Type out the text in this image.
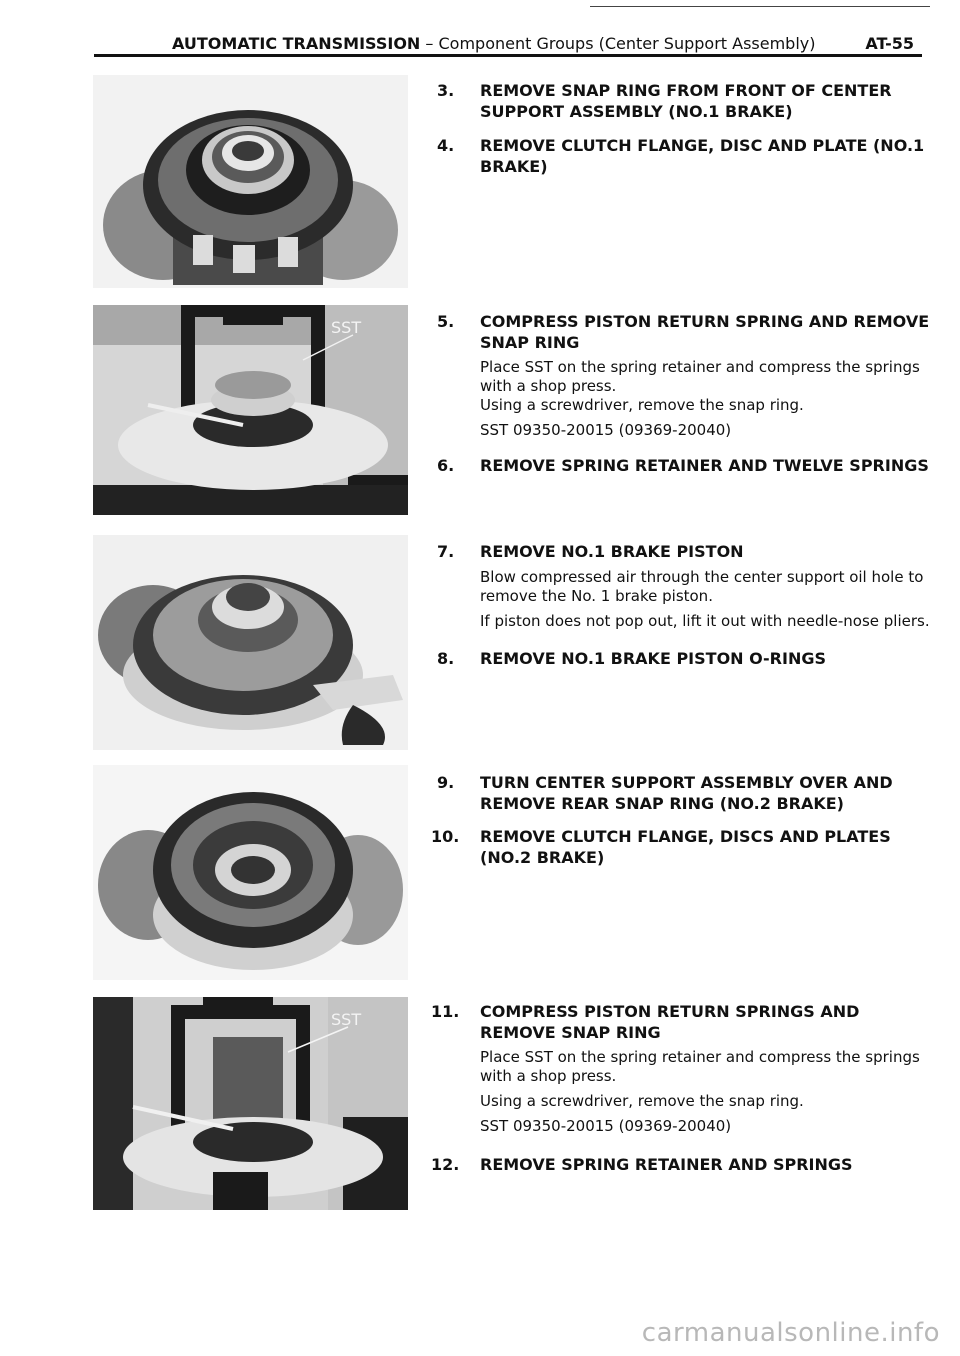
AUTOMATIC TRANSMISSION – Component Groups (Center Support Assembly)	AT-55
SST
SST
3. REMOVE SNAP RING FROM FRONT OF CENTER SUPPORT ASSEMBLY (NO.1 BRAKE)
4. REMOVE CLUTCH FLANGE, DISC AND PLATE (NO.1 BRAKE)
5. COMPRESS PISTON RETURN SPRING AND REMOVE SNAP RING

Place SST on the spring retainer and compress the springs with a shop press.

Using a screwdriver, remove the snap ring.

SST 09350-20015 (09369-20040)

6. REMOVE SPRING RETAINER AND TWELVE SPRINGS
7. REMOVE NO.1 BRAKE PISTON

Blow compressed air through the center support oil hole to remove the No. 1 brake piston.

If piston does not pop out, lift it out with needle-nose pliers.

8. REMOVE NO.1 BRAKE PISTON O-RINGS
9. TURN CENTER SUPPORT ASSEMBLY OVER AND REMOVE REAR SNAP RING (NO.2 BRAKE)
10. REMOVE CLUTCH FLANGE, DISCS AND PLATES (NO.2 BRAKE)
11. COMPRESS PISTON RETURN SPRINGS AND REMOVE SNAP RING

Place SST on the spring retainer and compress the springs with a shop press.

Using a screwdriver, remove the snap ring.

SST 09350-20015 (09369-20040)

12. REMOVE SPRING RETAINER AND SPRINGS
carmanualsonline.info
